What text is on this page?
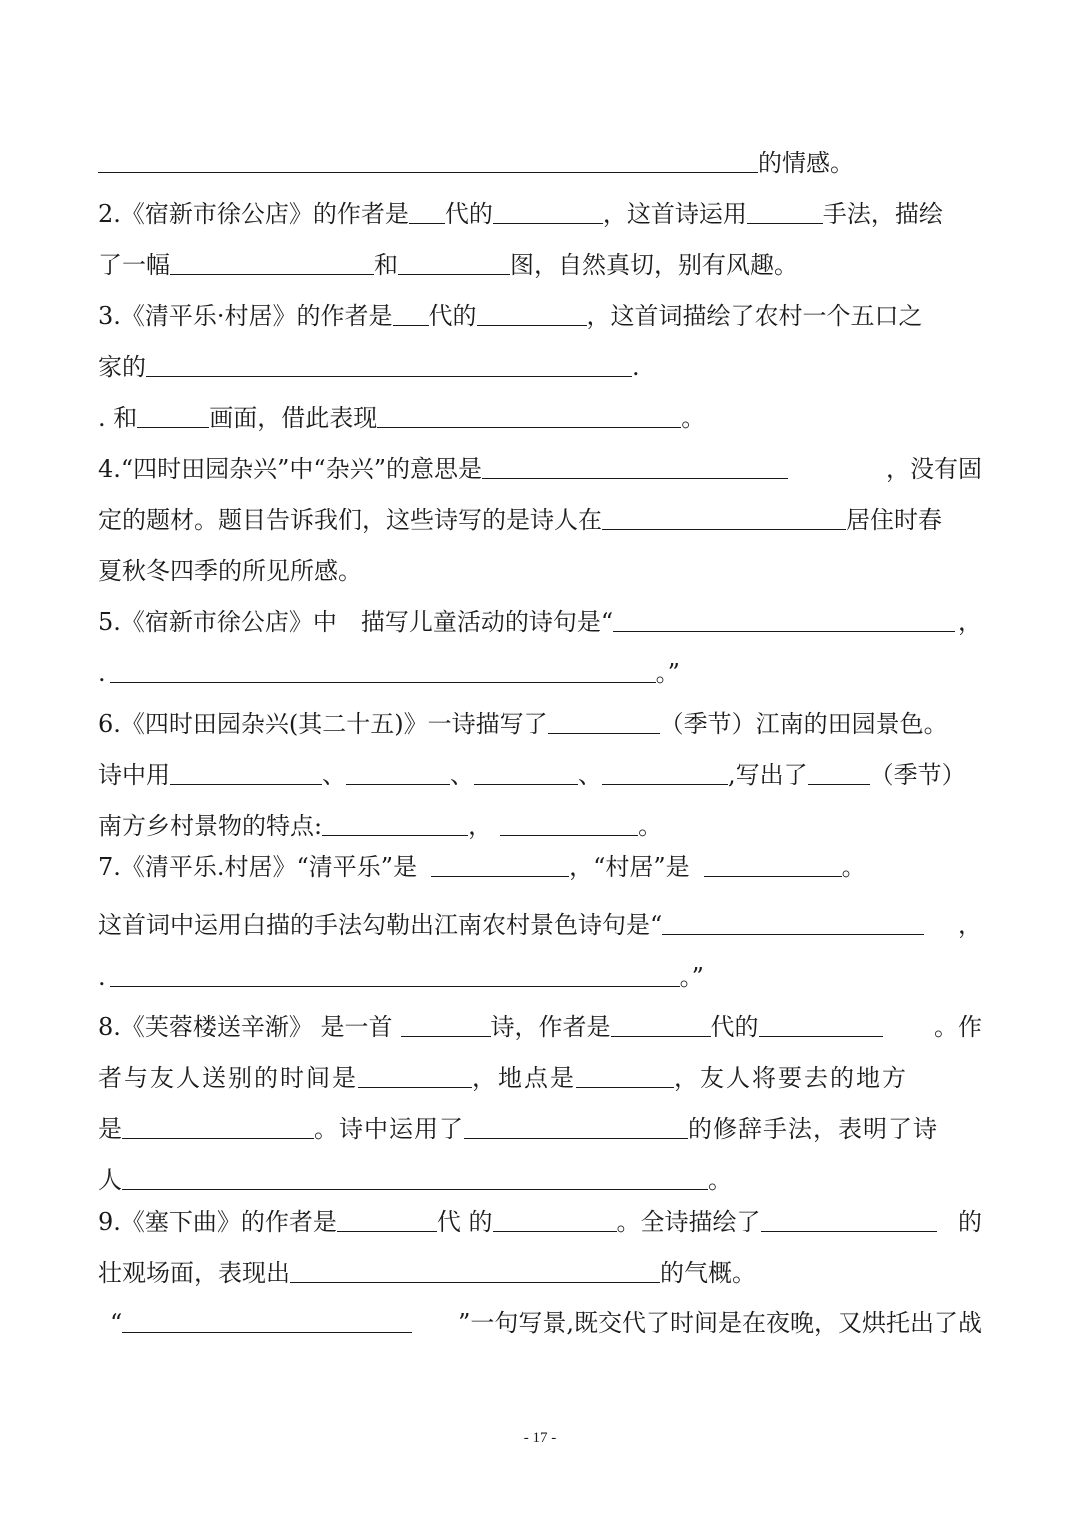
的情感。
2.《宿新市徐公店》的作者是 代的	，这首诗运用	手法，描绘
了一幅	和	图，自然真切，别有风趣。
3.《清平乐·村居》的作者是 代的	，这首词描绘了农村一个五口之
家的	.
. 和	画面，借此表现	。
4.“四时田园杂兴”中“杂兴”的意思是	，没有固
定的题材。题目告诉我们，这些诗写的是诗人在	居住时春
夏秋冬四季的所见所感。
5.《宿新市徐公店》中　描写儿童活动的诗句是“	，
.	。”
6.《四时田园杂兴(其二十五)》一诗描写了	（季节）江南的田园景色。
诗中用	、	、	、	,写出了	（季节）
南方乡村景物的特点:	，	。
7.《清平乐.村居》“清平乐”是	，“村居”是	。
这首词中运用白描的手法勾勒出江南农村景色诗句是“	，
.	。”
8.《芙蓉楼送辛渐》 是一首	诗，作者是	代的	。作
者与友人送别的时间是	，地点是	，友人将要去的地方
是	。诗中运用了	的修辞手法，表明了诗
人	。
9.《塞下曲》的作者是	代 的	。全诗描绘了	的
壮观场面，表现出	的气概。
“	”一句写景,既交代了时间是在夜晚，又烘托出了战
- 17 -
